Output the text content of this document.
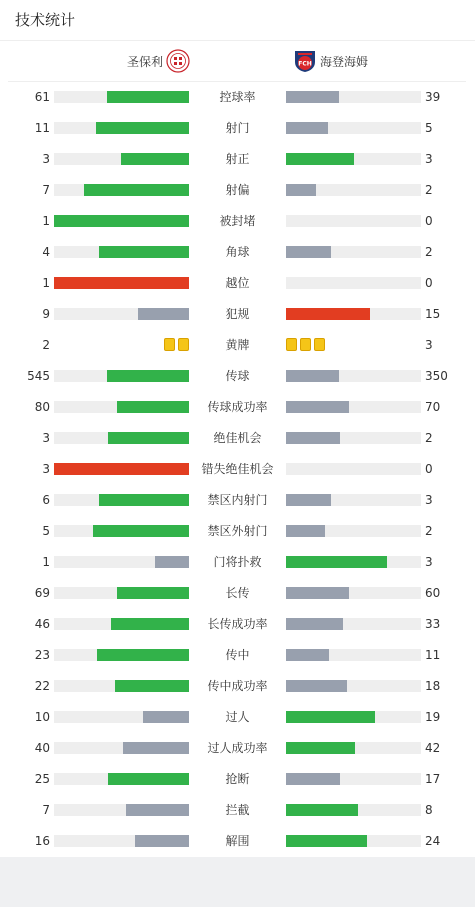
技术统计
圣保利	FCH 海登海姆
61	控球率	39
11	射门	5
3	射正	3
7	射偏	2
1	被封堵	0
4	角球	2
1	越位	0
9	犯规	15
2	黄牌	3
545	传球	350
80	传球成功率	70
3	绝佳机会	2
3	错失绝佳机会	0
6	禁区内射门	3
5	禁区外射门	2
1	门将扑救	3
69	长传	60
46	长传成功率	33
23	传中	11
22	传中成功率	18
10	过人	19
40	过人成功率	42
25	抢断	17
7	拦截	8
16	解围	24
